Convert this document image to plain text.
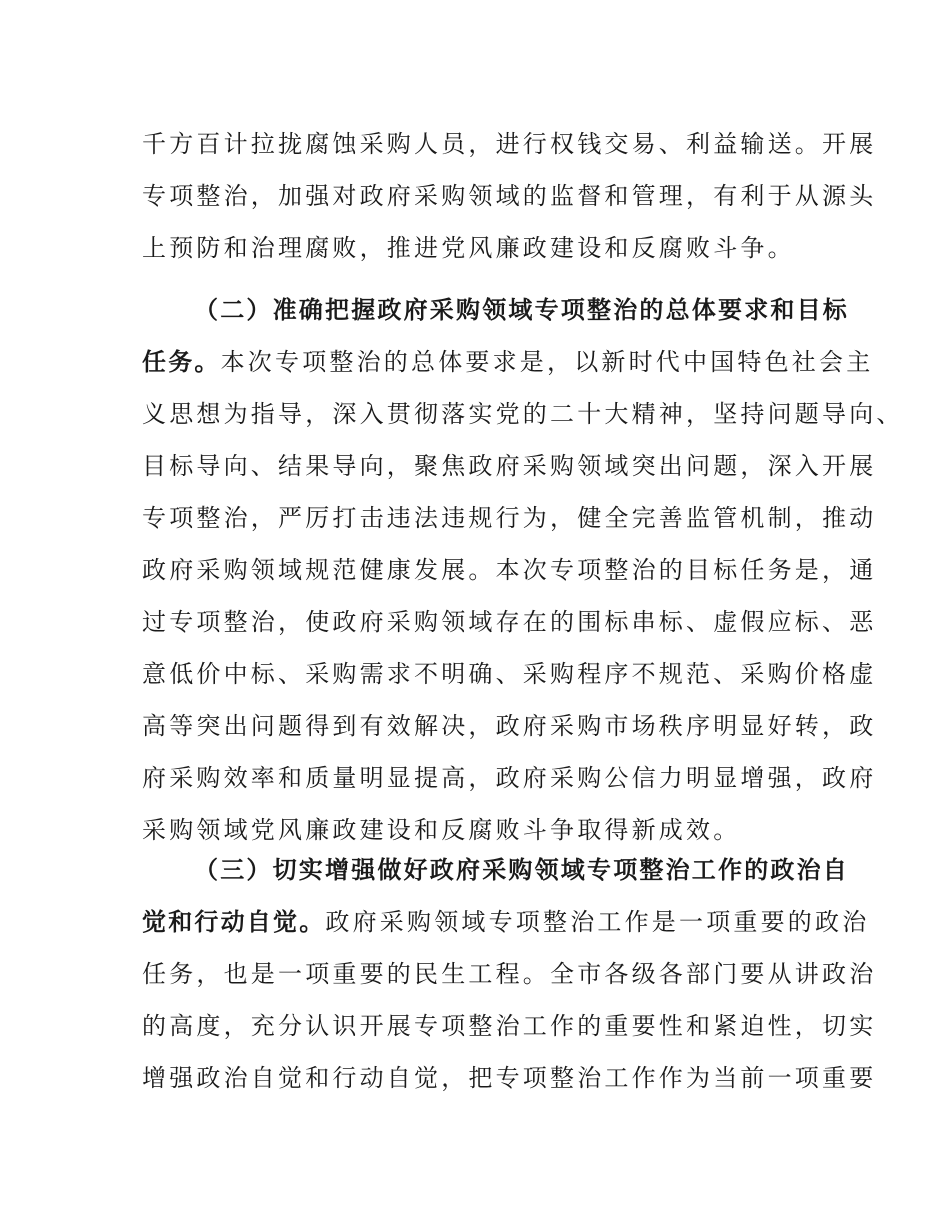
千方百计拉拢腐蚀采购人员，进行权钱交易、利益输送。开展
专项整治，加强对政府采购领域的监督和管理，有利于从源头
上预防和治理腐败，推进党风廉政建设和反腐败斗争。
（二）准确把握政府采购领域专项整治的总体要求和目标
任务。本次专项整治的总体要求是，以新时代中国特色社会主
义思想为指导，深入贯彻落实党的二十大精神，坚持问题导向、
目标导向、结果导向，聚焦政府采购领域突出问题，深入开展
专项整治，严厉打击违法违规行为，健全完善监管机制，推动
政府采购领域规范健康发展。本次专项整治的目标任务是，通
过专项整治，使政府采购领域存在的围标串标、虚假应标、恶
意低价中标、采购需求不明确、采购程序不规范、采购价格虚
高等突出问题得到有效解决，政府采购市场秩序明显好转，政
府采购效率和质量明显提高，政府采购公信力明显增强，政府
采购领域党风廉政建设和反腐败斗争取得新成效。
（三）切实增强做好政府采购领域专项整治工作的政治自
觉和行动自觉。政府采购领域专项整治工作是一项重要的政治
任务，也是一项重要的民生工程。全市各级各部门要从讲政治
的高度，充分认识开展专项整治工作的重要性和紧迫性，切实
增强政治自觉和行动自觉，把专项整治工作作为当前一项重要
